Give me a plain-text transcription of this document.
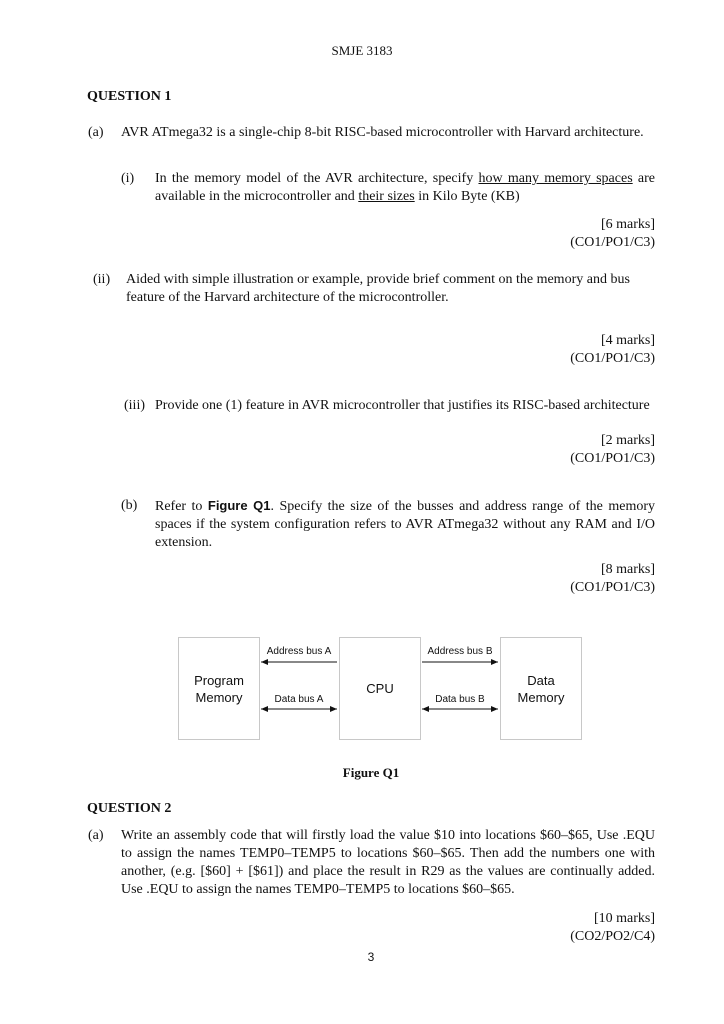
SMJE 3183
QUESTION 1
(a) AVR ATmega32 is a single-chip 8-bit RISC-based microcontroller with Harvard architecture.
(i) In the memory model of the AVR architecture, specify how many memory spaces are available in the microcontroller and their sizes in Kilo Byte (KB)
[6 marks]
(CO1/PO1/C3)
(ii) Aided with simple illustration or example, provide brief comment on the memory and bus feature of the Harvard architecture of the microcontroller.
[4 marks]
(CO1/PO1/C3)
(iii) Provide one (1) feature in AVR microcontroller that justifies its RISC-based architecture
[2 marks]
(CO1/PO1/C3)
(b) Refer to Figure Q1. Specify the size of the busses and address range of the memory spaces if the system configuration refers to AVR ATmega32 without any RAM and I/O extension.
[8 marks]
(CO1/PO1/C3)
Program
Memory
CPU
Data
Memory
Address bus A
Data bus A
Address bus B
Data bus B
Figure Q1
QUESTION 2
(a) Write an assembly code that will firstly load the value $10 into locations $60–$65, Use .EQU to assign the names TEMP0–TEMP5 to locations $60–$65. Then add the numbers one with another, (e.g. [$60] + [$61]) and place the result in R29 as the values are continually added. Use .EQU to assign the names TEMP0–TEMP5 to locations $60–$65.
[10 marks]
(CO2/PO2/C4)
3
